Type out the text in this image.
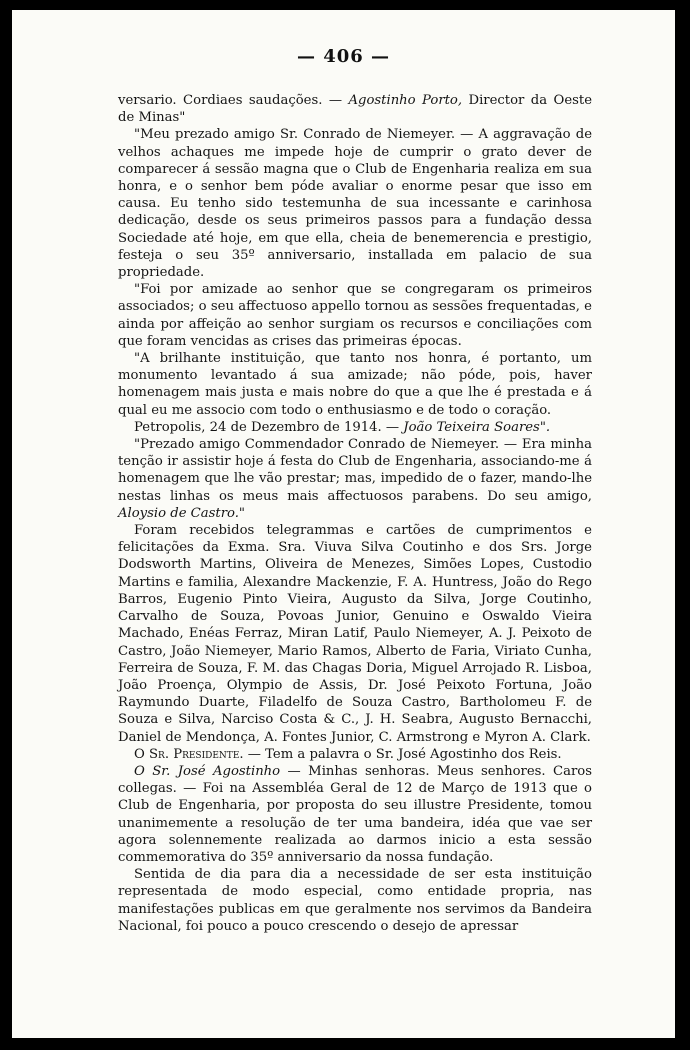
— 406 —

versario. Cordiaes saudações. — Agostinho Porto, Director da Oeste de Minas"

"Meu prezado amigo Sr. Conrado de Niemeyer. — A aggravação de velhos achaques me impede hoje de cumprir o grato dever de comparecer á sessão magna que o Club de Engenharia realiza em sua honra, e o senhor bem póde avaliar o enorme pesar que isso em causa. Eu tenho sido testemunha de sua incessante e carinhosa dedicação, desde os seus primeiros passos para a fundação dessa Sociedade até hoje, em que ella, cheia de benemerencia e prestigio, festeja o seu 35º anniversario, installada em palacio de sua propriedade.

"Foi por amizade ao senhor que se congregaram os primeiros associados; o seu affectuoso appello tornou as sessões frequentadas, e ainda por affeição ao senhor surgiam os recursos e conciliações com que foram vencidas as crises das primeiras épocas.

"A brilhante instituição, que tanto nos honra, é portanto, um monumento levantado á sua amizade; não póde, pois, haver homenagem mais justa e mais nobre do que a que lhe é prestada e á qual eu me associo com todo o enthusiasmo e de todo o coração.

Petropolis, 24 de Dezembro de 1914. — João Teixeira Soares".

"Prezado amigo Commendador Conrado de Niemeyer. — Era minha tenção ir assistir hoje á festa do Club de Engenharia, associando-me á homenagem que lhe vão prestar; mas, impedido de o fazer, mando-lhe nestas linhas os meus mais affectuosos parabens. Do seu amigo, Aloysio de Castro."

Foram recebidos telegrammas e cartões de cumprimentos e felicitações da Exma. Sra. Viuva Silva Coutinho e dos Srs. Jorge Dodsworth Martins, Oliveira de Menezes, Simões Lopes, Custodio Martins e familia, Alexandre Mackenzie, F. A. Huntress, João do Rego Barros, Eugenio Pinto Vieira, Augusto da Silva, Jorge Coutinho, Carvalho de Souza, Povoas Junior, Genuino e Oswaldo Vieira Machado, Enéas Ferraz, Miran Latif, Paulo Niemeyer, A. J. Peixoto de Castro, João Niemeyer, Mario Ramos, Alberto de Faria, Viriato Cunha, Ferreira de Souza, F. M. das Chagas Doria, Miguel Arrojado R. Lisboa, João Proença, Olympio de Assis, Dr. José Peixoto Fortuna, João Raymundo Duarte, Filadelfo de Souza Castro, Bartholomeu F. de Souza e Silva, Narciso Costa & C., J. H. Seabra, Augusto Bernacchi, Daniel de Mendonça, A. Fontes Junior, C. Armstrong e Myron A. Clark.

O Sr. Presidente. — Tem a palavra o Sr. José Agostinho dos Reis.

O Sr. José Agostinho — Minhas senhoras. Meus senhores. Caros collegas. — Foi na Assembléa Geral de 12 de Março de 1913 que o Club de Engenharia, por proposta do seu illustre Presidente, tomou unanimemente a resolução de ter uma bandeira, idéa que vae ser agora solennemente realizada ao darmos inicio a esta sessão commemorativa do 35º anniversario da nossa fundação.

Sentida de dia para dia a necessidade de ser esta instituição representada de modo especial, como entidade propria, nas manifestações publicas em que geralmente nos servimos da Bandeira Nacional, foi pouco a pouco crescendo o desejo de apressar
